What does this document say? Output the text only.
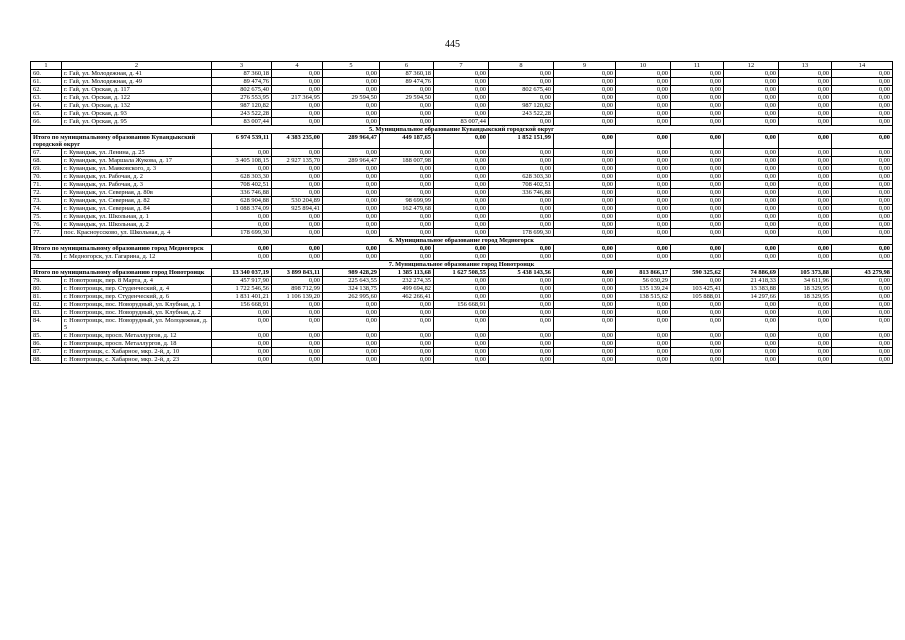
445
1	2	3	4	5	6	7	8	9	10	11	12	13	14
60.	г. Гай, ул. Молодежная, д. 41	87 360,18	0,00	0,00	87 360,18	0,00	0,00	0,00	0,00	0,00	0,00	0,00	0,00
61.	г. Гай, ул. Молодежная, д. 49	89 474,76	0,00	0,00	89 474,76	0,00	0,00	0,00	0,00	0,00	0,00	0,00	0,00
62.	г. Гай, ул. Орская, д. 117	802 675,40	0,00	0,00	0,00	0,00	802 675,40	0,00	0,00	0,00	0,00	0,00	0,00
63.	г. Гай, ул. Орская, д. 122	276 553,95	217 364,95	29 594,50	29 594,50	0,00	0,00	0,00	0,00	0,00	0,00	0,00	0,00
64.	г. Гай, ул. Орская, д. 132	987 120,82	0,00	0,00	0,00	0,00	987 120,82	0,00	0,00	0,00	0,00	0,00	0,00
65.	г. Гай, ул. Орская, д. 93	243 522,28	0,00	0,00	0,00	0,00	243 522,28	0,00	0,00	0,00	0,00	0,00	0,00
66.	г. Гай, ул. Орская, д. 95	83 007,44	0,00	0,00	0,00	83 007,44	0,00	0,00	0,00	0,00	0,00	0,00	0,00
5. Муниципальное образование Кувандыкский городской округ													
Итого по муниципальному образованию Кувандыкский городской округ		6 974 539,11	4 383 235,00	289 964,47	449 187,65	0,00	1 852 151,99	0,00	0,00	0,00	0,00	0,00	0,00
67.	г. Кувандык, ул. Ленина, д. 25	0,00	0,00	0,00	0,00	0,00	0,00	0,00	0,00	0,00	0,00	0,00	0,00
68.	г. Кувандык, ул. Маршала Жукова, д. 17	3 405 108,15	2 927 135,70	289 964,47	188 007,98	0,00	0,00	0,00	0,00	0,00	0,00	0,00	0,00
69.	г. Кувандык, ул. Маяковского, д. 3	0,00	0,00	0,00	0,00	0,00	0,00	0,00	0,00	0,00	0,00	0,00	0,00
70.	г. Кувандык, ул. Рабочая, д. 2	628 303,30	0,00	0,00	0,00	0,00	628 303,30	0,00	0,00	0,00	0,00	0,00	0,00
71.	г. Кувандык, ул. Рабочая, д. 3	708 402,51	0,00	0,00	0,00	0,00	708 402,51	0,00	0,00	0,00	0,00	0,00	0,00
72.	г. Кувандык, ул. Северная, д. 80в	336 746,88	0,00	0,00	0,00	0,00	336 746,88	0,00	0,00	0,00	0,00	0,00	0,00
73.	г. Кувандык, ул. Северная, д. 82	628 904,88	530 204,89	0,00	98 699,99	0,00	0,00	0,00	0,00	0,00	0,00	0,00	0,00
74.	г. Кувандык, ул. Северная, д. 84	1 088 374,09	925 894,41	0,00	162 479,68	0,00	0,00	0,00	0,00	0,00	0,00	0,00	0,00
75.	г. Кувандык, ул. Школьная, д. 1	0,00	0,00	0,00	0,00	0,00	0,00	0,00	0,00	0,00	0,00	0,00	0,00
76.	г. Кувандык, ул. Школьная, д. 2	0,00	0,00	0,00	0,00	0,00	0,00	0,00	0,00	0,00	0,00	0,00	0,00
77.	пос. Красноуссково, ул. Школьная, д. 4	178 699,30	0,00	0,00	0,00	0,00	178 699,30	0,00	0,00	0,00	0,00	0,00	0,00
6. Муниципальное образование город Медногорск													
Итого по муниципальному образованию город Медногорск		0,00	0,00	0,00	0,00	0,00	0,00	0,00	0,00	0,00	0,00	0,00	0,00
78.	г. Медногорск, ул. Гагарина, д. 12	0,00	0,00	0,00	0,00	0,00	0,00	0,00	0,00	0,00	0,00	0,00	0,00
7. Муниципальное образование город Новотроицк													
Итого по муниципальному образованию город Новотроицк		13 340 037,19	3 899 843,11	989 428,29	1 385 113,68	1 627 508,55	5 438 143,56	0,00	813 866,17	590 325,62	74 886,69	105 373,88	43 279,98
79.	г. Новотроицк, пер. 8 Марта, д. 4	457 917,90	0,00	225 643,55	232 274,35	0,00	0,00	0,00	56 030,29	0,00	21 418,33	34 611,96	0,00
80.	г. Новотроицк, пер. Студенческий, д. 4	1 722 546,56	898 712,99	324 138,75	499 694,82	0,00	0,00	0,00	135 139,24	103 425,41	13 383,88	18 329,95	0,00
81.	г. Новотроицк, пер. Студенческий, д. 6	1 831 401,21	1 106 139,20	262 995,60	462 266,41	0,00	0,00	0,00	138 515,62	105 888,01	14 297,66	18 329,95	0,00
82.	г. Новотроицк, пос. Новорудный, ул. Клубная, д. 1	156 668,91	0,00	0,00	0,00	156 668,91	0,00	0,00	0,00	0,00	0,00	0,00	0,00
83.	г. Новотроицк, пос. Новорудный, ул. Клубная, д. 2	0,00	0,00	0,00	0,00	0,00	0,00	0,00	0,00	0,00	0,00	0,00	0,00
84.	г. Новотроицк, пос. Новорудный, ул. Молодежная, д. 5	0,00	0,00	0,00	0,00	0,00	0,00	0,00	0,00	0,00	0,00	0,00	0,00
85.	г. Новотроицк, просп. Металлургов, д. 12	0,00	0,00	0,00	0,00	0,00	0,00	0,00	0,00	0,00	0,00	0,00	0,00
86.	г. Новотроицк, просп. Металлургов, д. 18	0,00	0,00	0,00	0,00	0,00	0,00	0,00	0,00	0,00	0,00	0,00	0,00
87.	г. Новотроицк, с. Хабарное, мкр. 2-й, д. 10	0,00	0,00	0,00	0,00	0,00	0,00	0,00	0,00	0,00	0,00	0,00	0,00
88.	г. Новотроицк, с. Хабарное, мкр. 2-й, д. 23	0,00	0,00	0,00	0,00	0,00	0,00	0,00	0,00	0,00	0,00	0,00	0,00
